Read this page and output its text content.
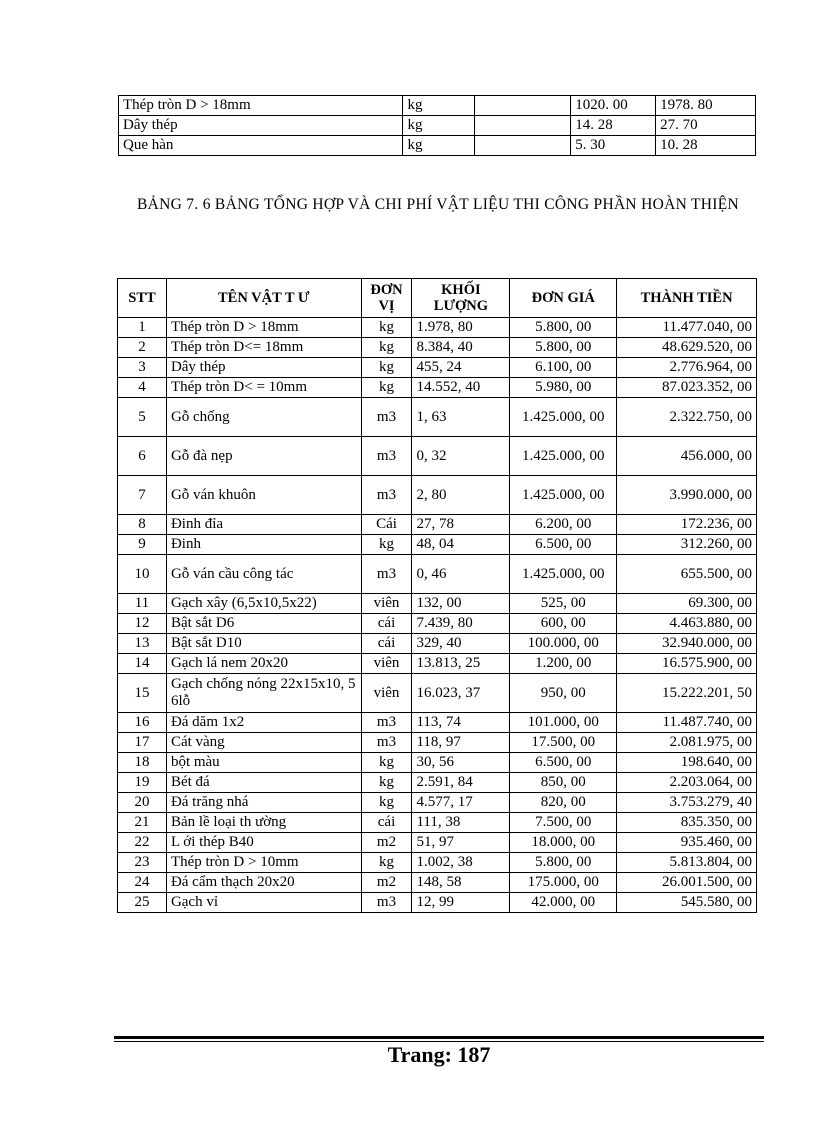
Thép tròn D > 18mm	kg		1020. 00	1978. 80
Dây thép	kg		14. 28	27. 70
Que hàn	kg		5. 30	10. 28
BẢNG 7. 6 BẢNG TỔNG HỢP VÀ CHI PHÍ VẬT LIỆU THI CÔNG PHẦN HOÀN THIỆN
STT	TÊN VẬT T Ư	ĐƠN VỊ	KHỐI LƯỢNG	ĐƠN GIÁ	THÀNH TIỀN
1	Thép tròn D > 18mm	kg	1.978, 80	5.800, 00	11.477.040, 00
2	Thép tròn D<= 18mm	kg	8.384, 40	5.800, 00	48.629.520, 00
3	Dây thép	kg	455, 24	6.100, 00	2.776.964, 00
4	Thép tròn D< = 10mm	kg	14.552, 40	5.980, 00	87.023.352, 00
5	Gỗ chống	m3	1, 63	1.425.000, 00	2.322.750, 00
6	Gỗ đà nẹp	m3	0, 32	1.425.000, 00	456.000, 00
7	Gỗ ván khuôn	m3	2, 80	1.425.000, 00	3.990.000, 00
8	Đinh đỉa	Cái	27, 78	6.200, 00	172.236, 00
9	Đinh	kg	48, 04	6.500, 00	312.260, 00
10	Gỗ ván cầu công tác	m3	0, 46	1.425.000, 00	655.500, 00
11	Gạch xây (6,5x10,5x22)	viên	132, 00	525, 00	69.300, 00
12	Bật sắt D6	cái	7.439, 80	600, 00	4.463.880, 00
13	Bật sắt D10	cái	329, 40	100.000, 00	32.940.000, 00
14	Gạch lá nem 20x20	viên	13.813, 25	1.200, 00	16.575.900, 00
15	Gạch chống nóng 22x15x10, 5 6lỗ	viên	16.023, 37	950, 00	15.222.201, 50
16	Đá dăm 1x2	m3	113, 74	101.000, 00	11.487.740, 00
17	Cát vàng	m3	118, 97	17.500, 00	2.081.975, 00
18	bột màu	kg	30, 56	6.500, 00	198.640, 00
19	Bét đá	kg	2.591, 84	850, 00	2.203.064, 00
20	Đá trăng nhá	kg	4.577, 17	820, 00	3.753.279, 40
21	Bản lề loại th ường	cái	111, 38	7.500, 00	835.350, 00
22	L ới thép B40	m2	51, 97	18.000, 00	935.460, 00
23	Thép tròn D > 10mm	kg	1.002, 38	5.800, 00	5.813.804, 00
24	Đá cẩm thạch 20x20	m2	148, 58	175.000, 00	26.001.500, 00
25	Gạch vỉ	m3	12, 99	42.000, 00	545.580, 00
Trang: 187
